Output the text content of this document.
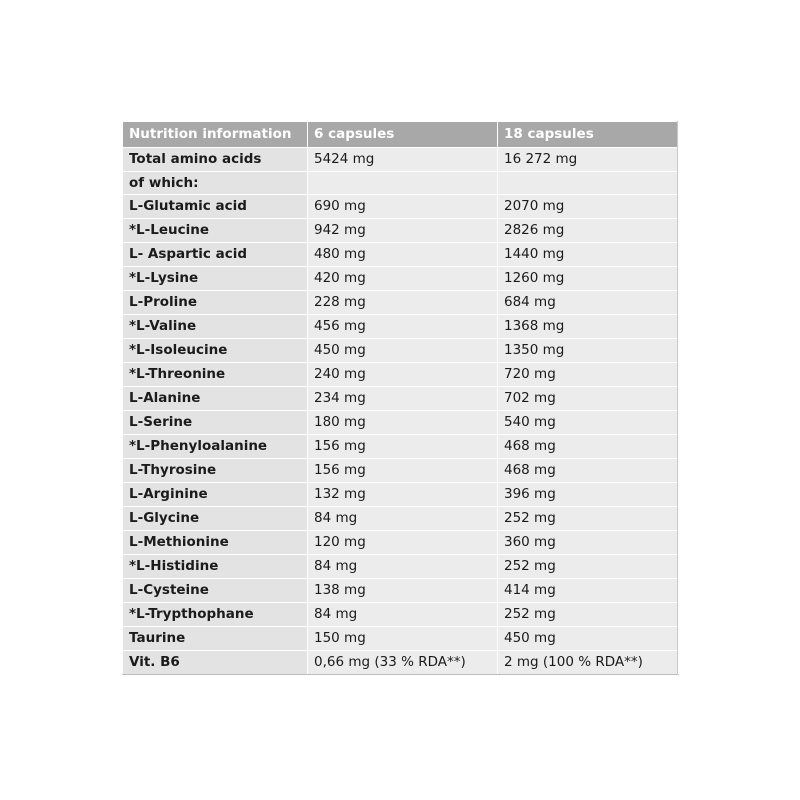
Nutrition information	6 capsules	18 capsules
Total amino acids	5424 mg	16 272 mg
of which:		
L-Glutamic acid	690 mg	2070 mg
*L-Leucine	942 mg	2826 mg
L- Aspartic acid	480 mg	1440 mg
*L-Lysine	420 mg	1260 mg
L-Proline	228 mg	684 mg
*L-Valine	456 mg	1368 mg
*L-Isoleucine	450 mg	1350 mg
*L-Threonine	240 mg	720 mg
L-Alanine	234 mg	702 mg
L-Serine	180 mg	540 mg
*L-Phenyloalanine	156 mg	468 mg
L-Thyrosine	156 mg	468 mg
L-Arginine	132 mg	396 mg
L-Glycine	84 mg	252 mg
L-Methionine	120 mg	360 mg
*L-Histidine	84 mg	252 mg
L-Cysteine	138 mg	414 mg
*L-Trypthophane	84 mg	252 mg
Taurine	150 mg	450 mg
Vit. B6	0,66 mg (33 % RDA**)	2 mg (100 % RDA**)
